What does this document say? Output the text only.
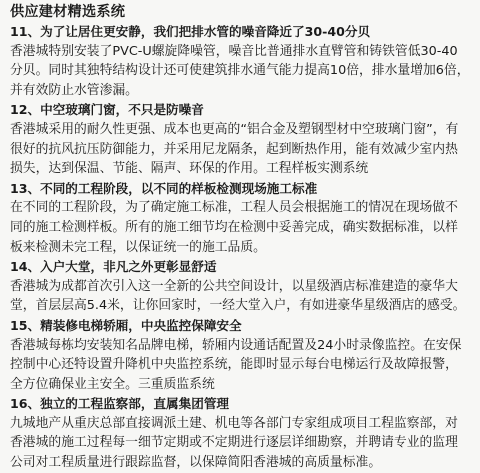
供应建材精选系统
11、为了让居住更安静，我们把排水管的噪音降近了30-40分贝
香港城特别安装了PVC-U螺旋降噪管，噪音比普通排水直臂管和铸铁管低30-40
分贝。同时其独特结构设计还可使建筑排水通气能力提高10倍，排水量增加6倍，
并有效防止水管渗漏。
12、中空玻璃门窗，不只是防噪音
香港城采用的耐久性更强、成本也更高的“铝合金及塑钢型材中空玻璃门窗”，有
很好的抗风抗压防御能力，并采用尼龙隔条，起到断热作用，能有效减少室内热
损失，达到保温、节能、隔声、环保的作用。工程样板实测系统
13、不同的工程阶段，以不同的样板检测现场施工标准
在不同的工程阶段，为了确定施工标准，工程人员会根据施工的情况在现场做不
同的施工检测样板。所有的施工细节均在检测中妥善完成，确实数据标准，以样
板来检测未完工程，以保证统一的施工品质。
14、入户大堂，非凡之外更彰显舒适
香港城为成都首次引入这一全新的公共空间设计，以星级酒店标准建造的豪华大
堂，首层层高5.4米，让你回家时，一经大堂入户，有如进豪华星级酒店的感受。
15、精装修电梯轿厢，中央监控保障安全
香港城每栋均安装知名品牌电梯，轿厢内设通话配置及24小时录像监控。在安保
控制中心还特设置升降机中央监控系统，能即时显示每台电梯运行及故障报警，
全方位确保业主安全。三重质监系统
16、独立的工程监察部，直属集团管理
九城地产从重庆总部直接调派土建、机电等各部门专家组成项目工程监察部，对
香港城的施工过程每一细节定期或不定期进行逐层详细勘察，并聘请专业的监理
公司对工程质量进行跟踪监督，以保障简阳香港城的高质量标准。
